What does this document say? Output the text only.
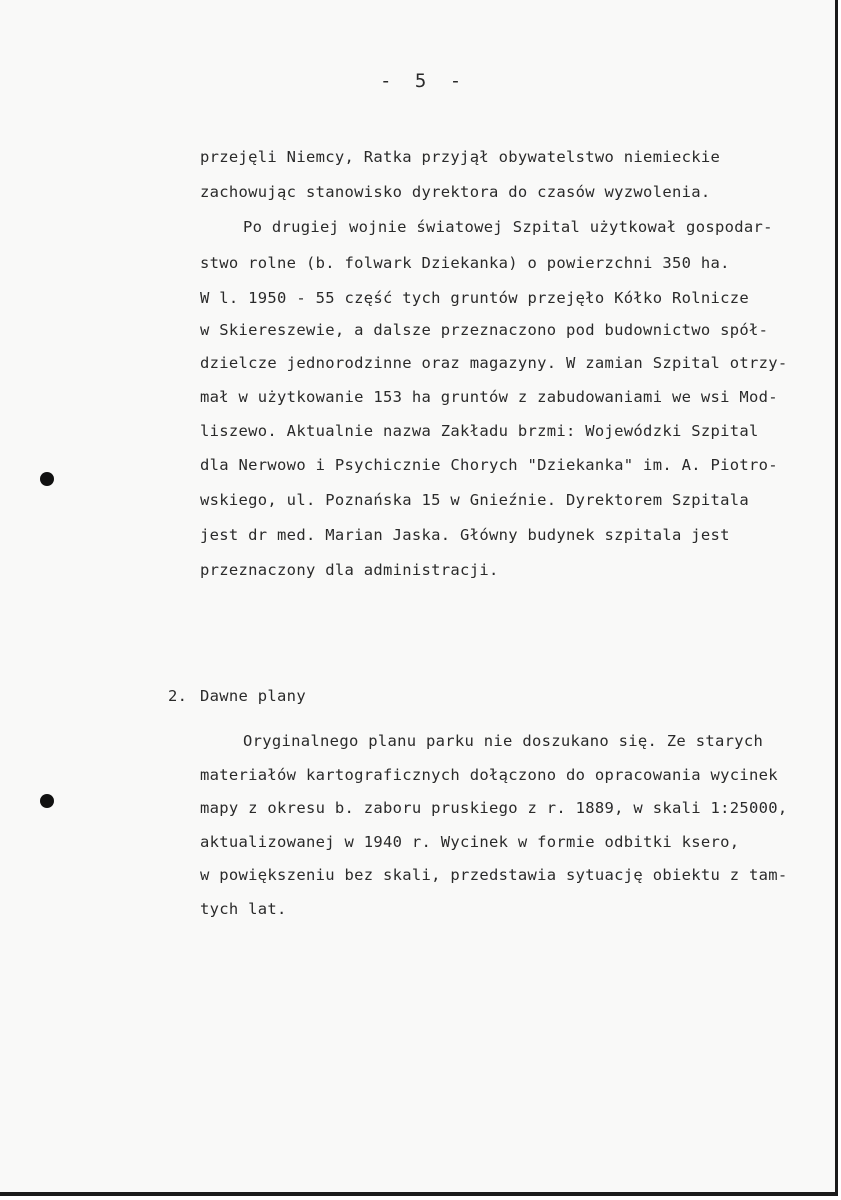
- 5 -
przejęli Niemcy, Ratka przyjął obywatelstwo niemieckie
zachowując stanowisko dyrektora do czasów wyzwolenia.
Po drugiej wojnie światowej Szpital użytkował gospodar-
stwo rolne (b. folwark Dziekanka) o powierzchni 350 ha.
W l. 1950 - 55 część tych gruntów przejęło Kółko Rolnicze
w Skiereszewie, a dalsze przeznaczono pod budownictwo spół-
dzielcze jednorodzinne oraz magazyny. W zamian Szpital otrzy-
mał w użytkowanie 153 ha gruntów z zabudowaniami we wsi Mod-
liszewo. Aktualnie nazwa Zakładu brzmi: Wojewódzki Szpital
dla Nerwowo i Psychicznie Chorych "Dziekanka" im. A. Piotro-
wskiego, ul. Poznańska 15 w Gnieźnie. Dyrektorem Szpitala
jest dr med. Marian Jaska. Główny budynek szpitala jest
przeznaczony dla administracji.
2. Dawne plany
Oryginalnego planu parku nie doszukano się. Ze starych
materiałów kartograficznych dołączono do opracowania wycinek
mapy z okresu b. zaboru pruskiego z r. 1889, w skali 1:25000,
aktualizowanej w 1940 r. Wycinek w formie odbitki ksero,
w powiększeniu bez skali, przedstawia sytuację obiektu z tam-
tych lat.
